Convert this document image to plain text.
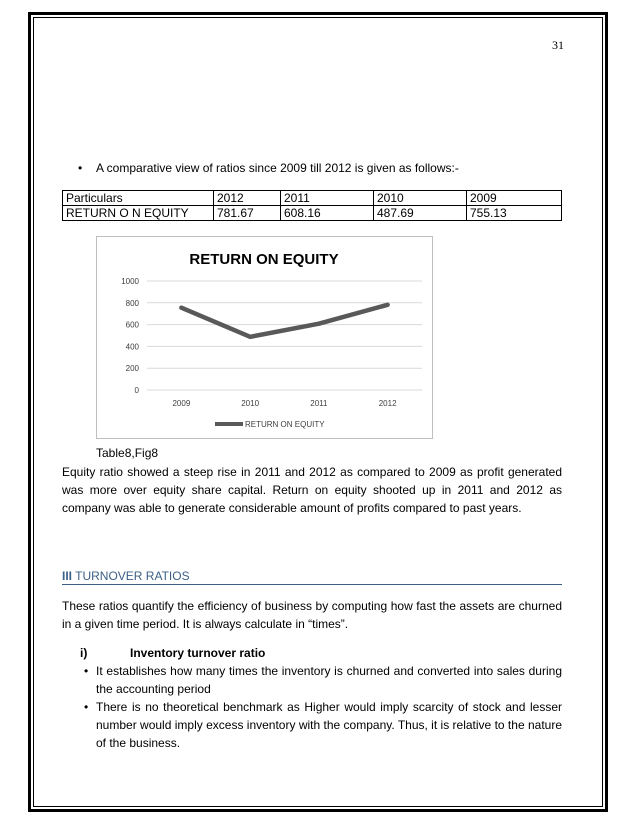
31
• A comparative view of ratios since 2009 till 2012 is given as follows:-
Particulars	2012	2011	2010	2009
RETURN O N EQUITY	781.67	608.16	487.69	755.13
RETURN ON EQUITY
0
200
400
600
800
1000
2009	2010	2011	2012
RETURN ON EQUITY
Table8,Fig8

Equity ratio showed a steep rise in 2011 and 2012 as compared to 2009 as profit generated was more over equity share capital. Return on equity shooted up in 2011 and 2012 as company was able to generate considerable amount of profits compared to past years.

III TURNOVER RATIOS

These ratios quantify the efficiency of business by computing how fast the assets are churned in a given time period. It is always calculate in “times”.

i)	Inventory turnover ratio

• It establishes how many times the inventory is churned and converted into sales during the accounting period

• There is no theoretical benchmark as Higher would imply scarcity of stock and lesser number would imply excess inventory with the company. Thus, it is relative to the nature of the business.
